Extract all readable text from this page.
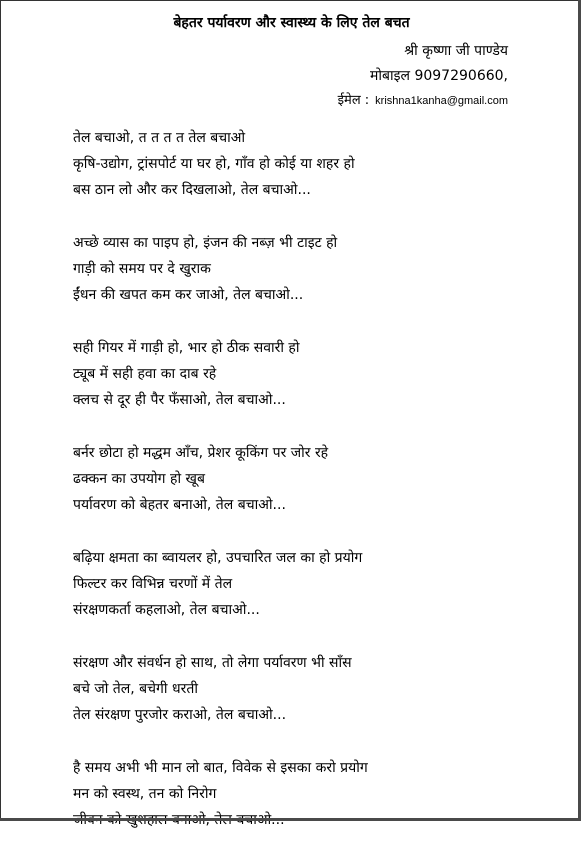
बेहतर पर्यावरण और स्वास्थ्य के लिए तेल बचत
श्री कृष्णा जी पाण्डेय
मोबाइल 9097290660,
ईमेल : krishna1kanha@gmail.com
तेल बचाओ, त त त त तेल बचाओ
कृषि-उद्योग, ट्रांसपोर्ट या घर हो, गाँव हो कोई या शहर हो
बस ठान लो और कर दिखलाओ, तेल बचाओ...
अच्छे व्यास का पाइप हो, इंजन की नब्ज़ भी टाइट हो
गाड़ी को समय पर दे खुराक
ईंधन की खपत कम कर जाओ, तेल बचाओ...
सही गियर में गाड़ी हो, भार हो ठीक सवारी हो
ट्यूब में सही हवा का दाब रहे
क्लच से दूर ही पैर फँसाओ, तेल बचाओ...
बर्नर छोटा हो मद्धम आँच, प्रेशर कूकिंग पर जोर रहे
ढक्कन का उपयोग हो खूब
पर्यावरण को बेहतर बनाओ, तेल बचाओ...
बढ़िया क्षमता का ब्वायलर हो, उपचारित जल का हो प्रयोग
फिल्टर कर विभिन्न चरणों में तेल
संरक्षणकर्ता कहलाओ, तेल बचाओ...
संरक्षण और संवर्धन हो साथ, तो लेगा पर्यावरण भी साँस
बचे जो तेल, बचेगी धरती
तेल संरक्षण पुरजोर कराओ, तेल बचाओ...
है समय अभी भी मान लो बात, विवेक से इसका करो प्रयोग
मन को स्वस्थ, तन को निरोग
